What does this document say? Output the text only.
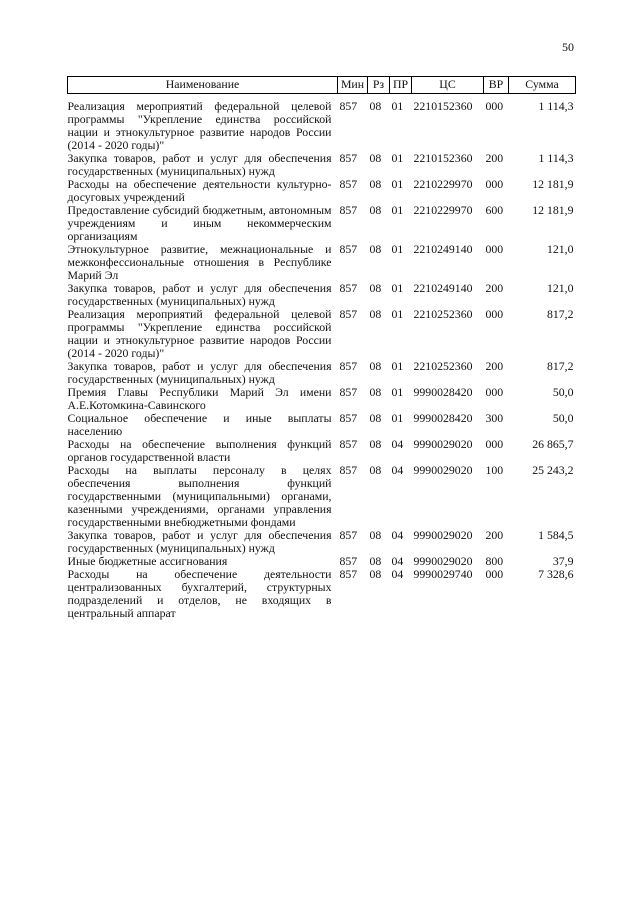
50
Наименование	Мин	Рз	ПР	ЦС	ВР	Сумма

Реализация мероприятий федеральной целевой программы "Укрепление единства российской нации и этнокультурное развитие народов России (2014 - 2020 годы)"	857	08	01	2210152360	000	1 114,3
Закупка товаров, работ и услуг для обеспечения государственных (муниципальных) нужд	857	08	01	2210152360	200	1 114,3
Расходы на обеспечение деятельности культурно-досуговых учреждений	857	08	01	2210229970	000	12 181,9
Предоставление субсидий бюджетным, автономным учреждениям и иным некоммерческим организациям	857	08	01	2210229970	600	12 181,9
Этнокультурное развитие, межнациональные и межконфессиональные отношения в Республике Марий Эл	857	08	01	2210249140	000	121,0
Закупка товаров, работ и услуг для обеспечения государственных (муниципальных) нужд	857	08	01	2210249140	200	121,0
Реализация мероприятий федеральной целевой программы "Укрепление единства российской нации и этнокультурное развитие народов России (2014 - 2020 годы)"	857	08	01	2210252360	000	817,2
Закупка товаров, работ и услуг для обеспечения государственных (муниципальных) нужд	857	08	01	2210252360	200	817,2
Премия Главы Республики Марий Эл имени А.Е.Котомкина-Савинского	857	08	01	9990028420	000	50,0
Социальное обеспечение и иные выплаты населению	857	08	01	9990028420	300	50,0
Расходы на обеспечение выполнения функций органов государственной власти	857	08	04	9990029020	000	26 865,7
Расходы на выплаты персоналу в целях обеспечения выполнения функций государственными (муниципальными) органами, казенными учреждениями, органами управления государственными внебюджетными фондами	857	08	04	9990029020	100	25 243,2
Закупка товаров, работ и услуг для обеспечения государственных (муниципальных) нужд	857	08	04	9990029020	200	1 584,5
Иные бюджетные ассигнования	857	08	04	9990029020	800	37,9
Расходы на обеспечение деятельности централизованных бухгалтерий, структурных подразделений и отделов, не входящих в центральный аппарат	857	08	04	9990029740	000	7 328,6
